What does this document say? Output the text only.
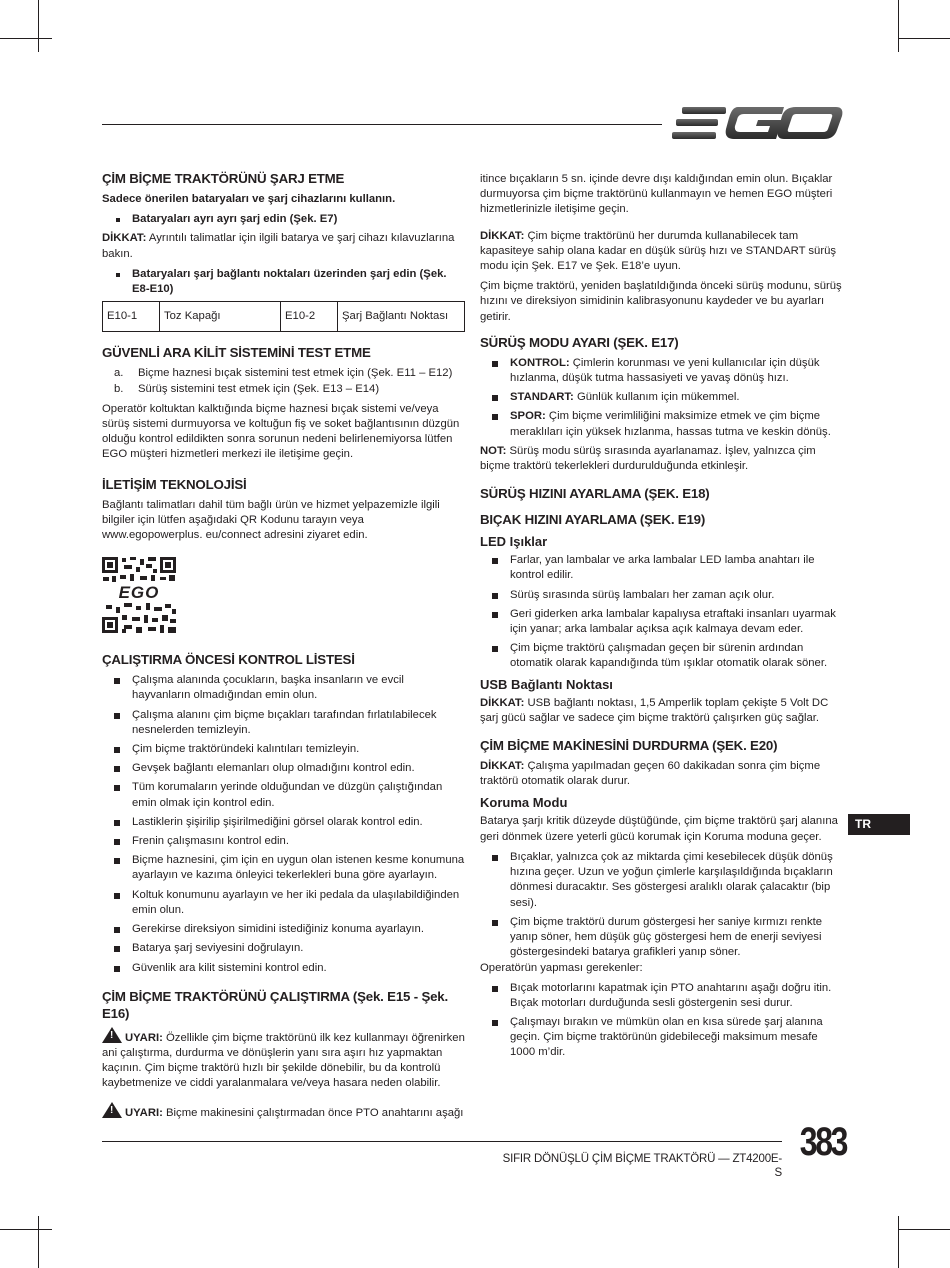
ÇİM BİÇME TRAKTÖRÜNÜ ŞARJ ETME

Sadece önerilen bataryaları ve şarj cihazlarını kullanın.

Bataryaları ayrı ayrı şarj edin (Şek. E7)

DİKKAT: Ayrıntılı talimatlar için ilgili batarya ve şarj cihazı kılavuzlarına bakın.

Bataryaları şarj bağlantı noktaları üzerinden şarj edin (Şek. E8-E10)
E10-1	Toz Kapağı	E10-2	Şarj Bağlantı Noktası
GÜVENLİ ARA KİLİT SİSTEMİNİ TEST ETME
a. Biçme haznesi bıçak sistemini test etmek için (Şek. E11 – E12)
b. Sürüş sistemini test etmek için (Şek. E13 – E14)

Operatör koltuktan kalktığında biçme haznesi bıçak sistemi ve/veya sürüş sistemi durmuyorsa ve koltuğun fiş ve soket bağlantısının düzgün olduğu kontrol edildikten sonra sorunun nedeni belirlenemiyorsa lütfen EGO müşteri hizmetleri merkezi ile iletişime geçin.

İLETİŞİM TEKNOLOJİSİ

Bağlantı talimatları dahil tüm bağlı ürün ve hizmet yelpazemizle ilgili bilgiler için lütfen aşağıdaki QR Kodunu tarayın veya www.egopowerplus. eu/connect adresini ziyaret edin.

EGO
ÇALIŞTIRMA ÖNCESİ KONTROL LİSTESİ
Çalışma alanında çocukların, başka insanların ve evcil hayvanların olmadığından emin olun.
Çalışma alanını çim biçme bıçakları tarafından fırlatılabilecek nesnelerden temizleyin.
Çim biçme traktöründeki kalıntıları temizleyin.
Gevşek bağlantı elemanları olup olmadığını kontrol edin.
Tüm korumaların yerinde olduğundan ve düzgün çalıştığından emin olmak için kontrol edin.
Lastiklerin şişirilip şişirilmediğini görsel olarak kontrol edin.
Frenin çalışmasını kontrol edin.
Biçme haznesini, çim için en uygun olan istenen kesme konumuna ayarlayın ve kazıma önleyici tekerlekleri buna göre ayarlayın.
Koltuk konumunu ayarlayın ve her iki pedala da ulaşılabildiğinden emin olun.
Gerekirse direksiyon simidini istediğiniz konuma ayarlayın.
Batarya şarj seviyesini doğrulayın.
Güvenlik ara kilit sistemini kontrol edin.
ÇİM BİÇME TRAKTÖRÜNÜ ÇALIŞTIRMA (Şek. E15 - Şek. E16)

!UYARI: Özellikle çim biçme traktörünü ilk kez kullanmayı öğrenirken ani çalıştırma, durdurma ve dönüşlerin yanı sıra aşırı hız yapmaktan kaçının. Çim biçme traktörü hızlı bir şekilde dönebilir, bu da kontrolü kaybetmenize ve ciddi yaralanmalara ve/veya hasara neden olabilir.

!UYARI: Biçme makinesini çalıştırmadan önce PTO anahtarını aşağı

itince bıçakların 5 sn. içinde devre dışı kaldığından emin olun. Bıçaklar durmuyorsa çim biçme traktörünü kullanmayın ve hemen EGO müşteri hizmetlerinizle iletişime geçin.

DİKKAT: Çim biçme traktörünü her durumda kullanabilecek tam kapasiteye sahip olana kadar en düşük sürüş hızı ve STANDART sürüş modu için Şek. E17 ve Şek. E18’e uyun.

Çim biçme traktörü, yeniden başlatıldığında önceki sürüş modunu, sürüş hızını ve direksiyon simidinin kalibrasyonunu kaydeder ve bu ayarları getirir.

SÜRÜŞ MODU AYARI (ŞEK. E17)
KONTROL: Çimlerin korunması ve yeni kullanıcılar için düşük hızlanma, düşük tutma hassasiyeti ve yavaş dönüş hızı.
STANDART: Günlük kullanım için mükemmel.
SPOR: Çim biçme verimliliğini maksimize etmek ve çim biçme meraklıları için yüksek hızlanma, hassas tutma ve keskin dönüş.

NOT: Sürüş modu sürüş sırasında ayarlanamaz. İşlev, yalnızca çim biçme traktörü tekerlekleri durdurulduğunda etkinleşir.

SÜRÜŞ HIZINI AYARLAMA (ŞEK. E18)
BIÇAK HIZINI AYARLAMA (ŞEK. E19)
LED Işıklar
Farlar, yan lambalar ve arka lambalar LED lamba anahtarı ile kontrol edilir.
Sürüş sırasında sürüş lambaları her zaman açık olur.
Geri giderken arka lambalar kapalıysa etraftaki insanları uyarmak için yanar; arka lambalar açıksa açık kalmaya devam eder.
Çim biçme traktörü çalışmadan geçen bir sürenin ardından otomatik olarak kapandığında tüm ışıklar otomatik olarak söner.
USB Bağlantı Noktası

DİKKAT: USB bağlantı noktası, 1,5 Amperlik toplam çekişte 5 Volt DC şarj gücü sağlar ve sadece çim biçme traktörü çalışırken güç sağlar.

ÇİM BİÇME MAKİNESİNİ DURDURMA (ŞEK. E20)

DİKKAT: Çalışma yapılmadan geçen 60 dakikadan sonra çim biçme traktörü otomatik olarak durur.

Koruma Modu

Batarya şarjı kritik düzeyde düştüğünde, çim biçme traktörü şarj alanına geri dönmek üzere yeterli gücü korumak için Koruma moduna geçer.

Bıçaklar, yalnızca çok az miktarda çimi kesebilecek düşük dönüş hızına geçer. Uzun ve yoğun çimlerle karşılaşıldığında bıçakların dönmesi duracaktır. Ses göstergesi aralıklı olarak çalacaktır (bip sesi).
Çim biçme traktörü durum göstergesi her saniye kırmızı renkte yanıp söner, hem düşük güç göstergesi hem de enerji seviyesi göstergesindeki batarya grafikleri yanıp söner.

Operatörün yapması gerekenler:

Bıçak motorlarını kapatmak için PTO anahtarını aşağı doğru itin. Bıçak motorları durduğunda sesli göstergenin sesi durur.
Çalışmayı bırakın ve mümkün olan en kısa sürede şarj alanına geçin. Çim biçme traktörünün gidebileceği maksimum mesafe 1000 m’dir.
TR
SIFIR DÖNÜŞLÜ ÇİM BİÇME TRAKTÖRÜ — ZT4200E-S
383
